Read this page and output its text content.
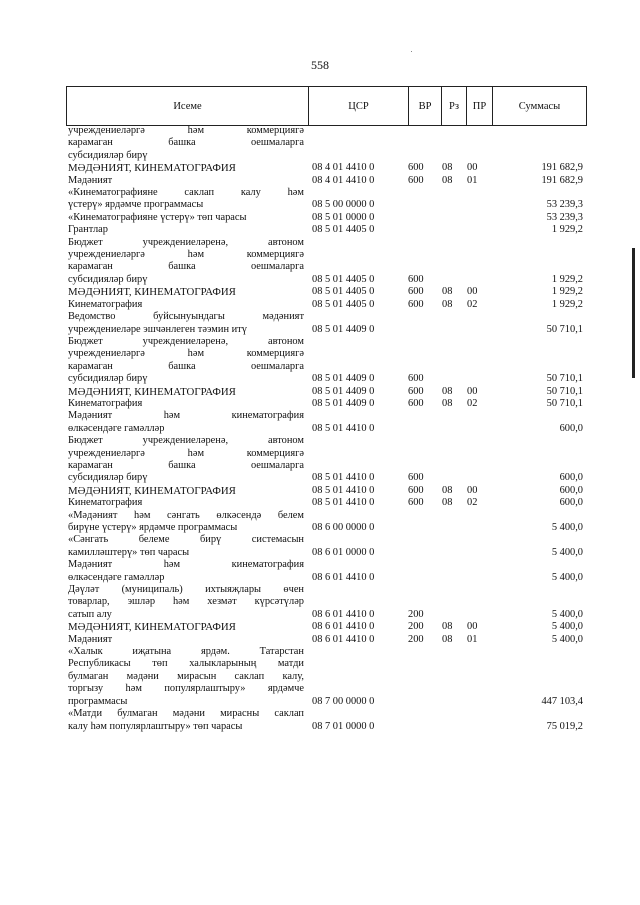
558
Исеме	ЦСР	ВР	Рз	ПР	Суммасы
учреждениеләргә һәм коммерциягә
карамаган башка оешмаларга
субсидияләр бирү
МӘДӘНИЯТ, КИНЕМАТОГРАФИЯ	08 4 01 4410 0	600	08	00	191 682,9
Мәдәният	08 4 01 4410 0	600	08	01	191 682,9
«Кинематографияне саклап калу һәм
үстерү» ярдәмче программасы	08 5 00 0000 0	53 239,3
«Кинематографияне үстерү» төп чарасы	08 5 01 0000 0	53 239,3
Грантлар	08 5 01 4405 0	1 929,2
Бюджет учреждениеләренә, автоном
учреждениеләргә һәм коммерциягә
карамаган башка оешмаларга
субсидияләр бирү	08 5 01 4405 0	600	1 929,2
МӘДӘНИЯТ, КИНЕМАТОГРАФИЯ	08 5 01 4405 0	600	08	00	1 929,2
Кинематография	08 5 01 4405 0	600	08	02	1 929,2
Ведомство буйсынуындагы мәдәният
учреждениеләре эшчәнлеген тәэмин итү	08 5 01 4409 0	50 710,1
Бюджет учреждениеләренә, автоном
учреждениеләргә һәм коммерциягә
карамаган башка оешмаларга
субсидияләр бирү	08 5 01 4409 0	600	50 710,1
МӘДӘНИЯТ, КИНЕМАТОГРАФИЯ	08 5 01 4409 0	600	08	00	50 710,1
Кинематография	08 5 01 4409 0	600	08	02	50 710,1
Мәдәният һәм кинематография
өлкәсендәге гамәлләр	08 5 01 4410 0	600,0
Бюджет учреждениеләренә, автоном
учреждениеләргә һәм коммерциягә
карамаган башка оешмаларга
субсидияләр бирү	08 5 01 4410 0	600	600,0
МӘДӘНИЯТ, КИНЕМАТОГРАФИЯ	08 5 01 4410 0	600	08	00	600,0
Кинематография	08 5 01 4410 0	600	08	02	600,0
«Мәдәният һәм сәнгать өлкәсендә белем
бирүне үстерү» ярдәмче программасы	08 6 00 0000 0	5 400,0
«Сәнгать белеме бирү системасын
камилләштерү» төп чарасы	08 6 01 0000 0	5 400,0
Мәдәният һәм кинематография
өлкәсендәге гамәлләр	08 6 01 4410 0	5 400,0
Дәүләт (муниципаль) ихтыяҗлары өчен
товарлар, эшләр һәм хезмәт күрсәтүләр
сатып алу	08 6 01 4410 0	200	5 400,0
МӘДӘНИЯТ, КИНЕМАТОГРАФИЯ	08 6 01 4410 0	200	08	00	5 400,0
Мәдәният	08 6 01 4410 0	200	08	01	5 400,0
«Халык иҗатына ярдәм. Татарстан
Республикасы төп халыкларының матди
булмаган мәдәни мирасын саклап калу,
торгызу һәм популярлаштыру» ярдәмче
программасы	08 7 00 0000 0	447 103,4
«Матди булмаган мәдәни мирасны саклап
калу һәм популярлаштыру» төп чарасы	08 7 01 0000 0	75 019,2
